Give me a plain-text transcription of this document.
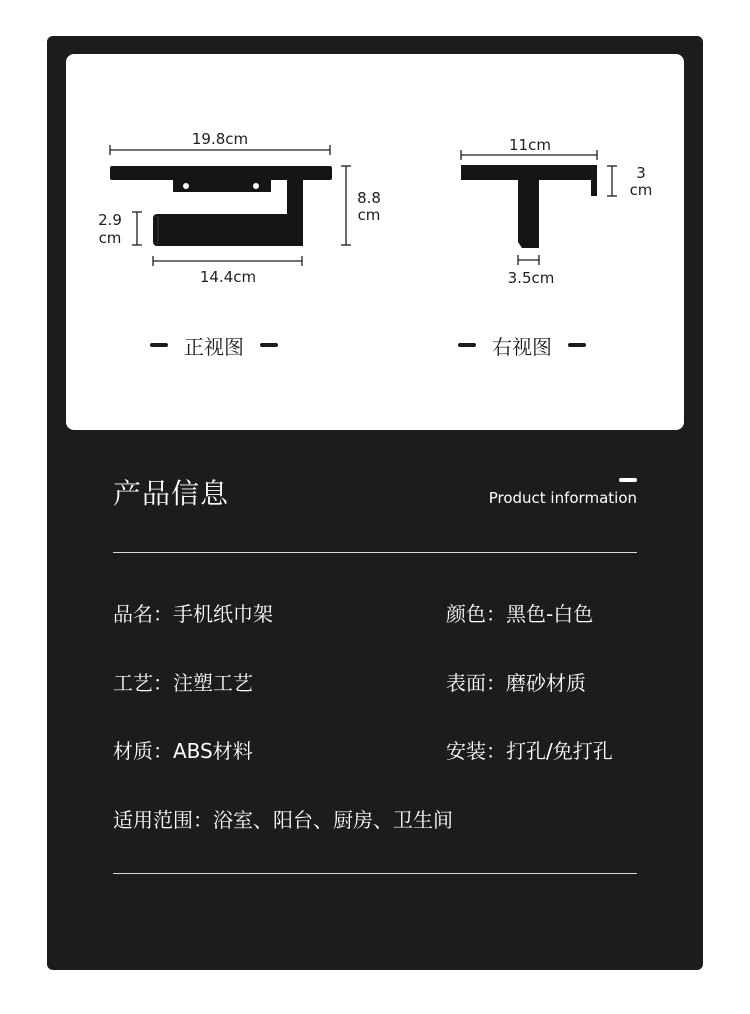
19.8cm
8.8
cm
2.9
cm
14.4cm
11cm
3
cm
3.5cm
正视图	右视图
产品信息	Product information
品名：手机纸巾架	颜色：黑色-白色
工艺：注塑工艺	表面：磨砂材质
材质：ABS材料	安装：打孔/免打孔
适用范围：浴室、阳台、厨房、卫生间
